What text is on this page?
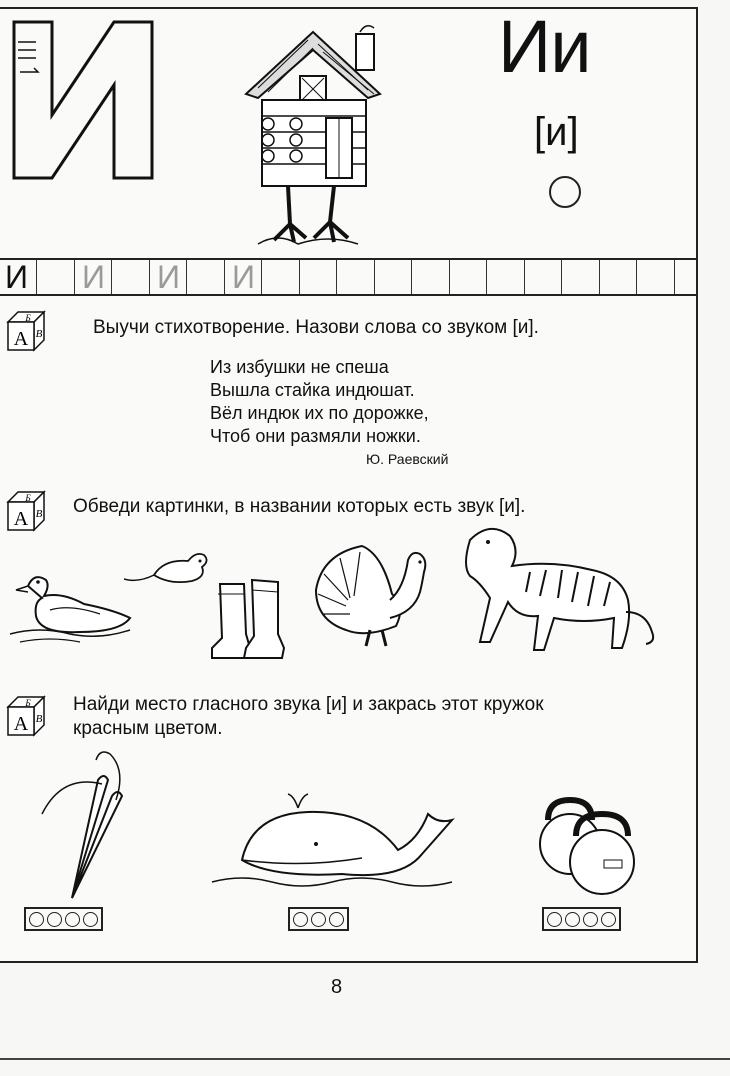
Ии
[и]
И И И И
А
Б
В
А
Б
В
А
Б
В
Выучи стихотворение. Назови слова со звуком [и].
Из избушки не спеша
Вышла стайка индюшат.
Вёл индюк их по дорожке,
Чтоб они размяли ножки.
Ю. Раевский
Обведи картинки, в названии которых есть звук [и].
Найди место гласного звука [и] и закрась этот кружок
красным цветом.
8
